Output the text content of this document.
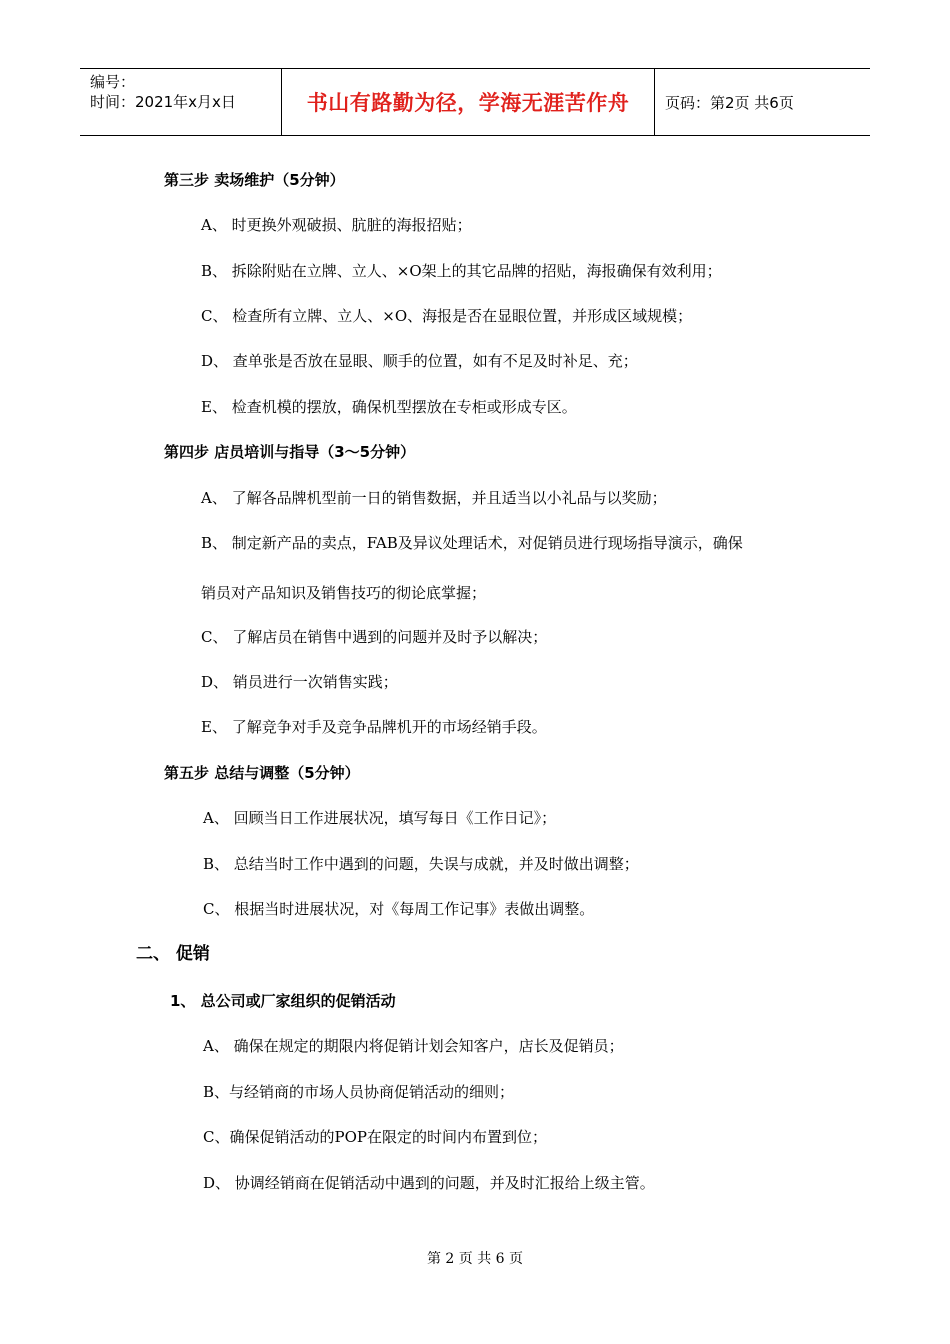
编号：
时间：2021年x月x日	书山有路勤为径，学海无涯苦作舟	页码：第2页 共6页
第三步 卖场维护（5分钟）
A、 时更换外观破损、肮脏的海报招贴；
B、 拆除附贴在立牌、立人、×O架上的其它品牌的招贴，海报确保有效利用；
C、 检查所有立牌、立人、×O、海报是否在显眼位置，并形成区域规模；
D、 查单张是否放在显眼、顺手的位置，如有不足及时补足、充；
E、 检查机模的摆放，确保机型摆放在专柜或形成专区。
第四步 店员培训与指导（3～5分钟）
A、 了解各品牌机型前一日的销售数据，并且适当以小礼品与以奖励；
B、 制定新产品的卖点，FAB及异议处理话术，对促销员进行现场指导演示，确保
销员对产品知识及销售技巧的彻论底掌握；
C、 了解店员在销售中遇到的问题并及时予以解决；
D、 销员进行一次销售实践；
E、 了解竞争对手及竞争品牌机开的市场经销手段。
第五步 总结与调整（5分钟）
A、 回顾当日工作进展状况，填写每日《工作日记》；
B、 总结当时工作中遇到的问题，失误与成就，并及时做出调整；
C、 根据当时进展状况，对《每周工作记事》表做出调整。
二、 促销
1、 总公司或厂家组织的促销活动
A、 确保在规定的期限内将促销计划会知客户，店长及促销员；
B、与经销商的市场人员协商促销活动的细则；
C、确保促销活动的POP在限定的时间内布置到位；
D、 协调经销商在促销活动中遇到的问题，并及时汇报给上级主管。
第 2 页 共 6 页
